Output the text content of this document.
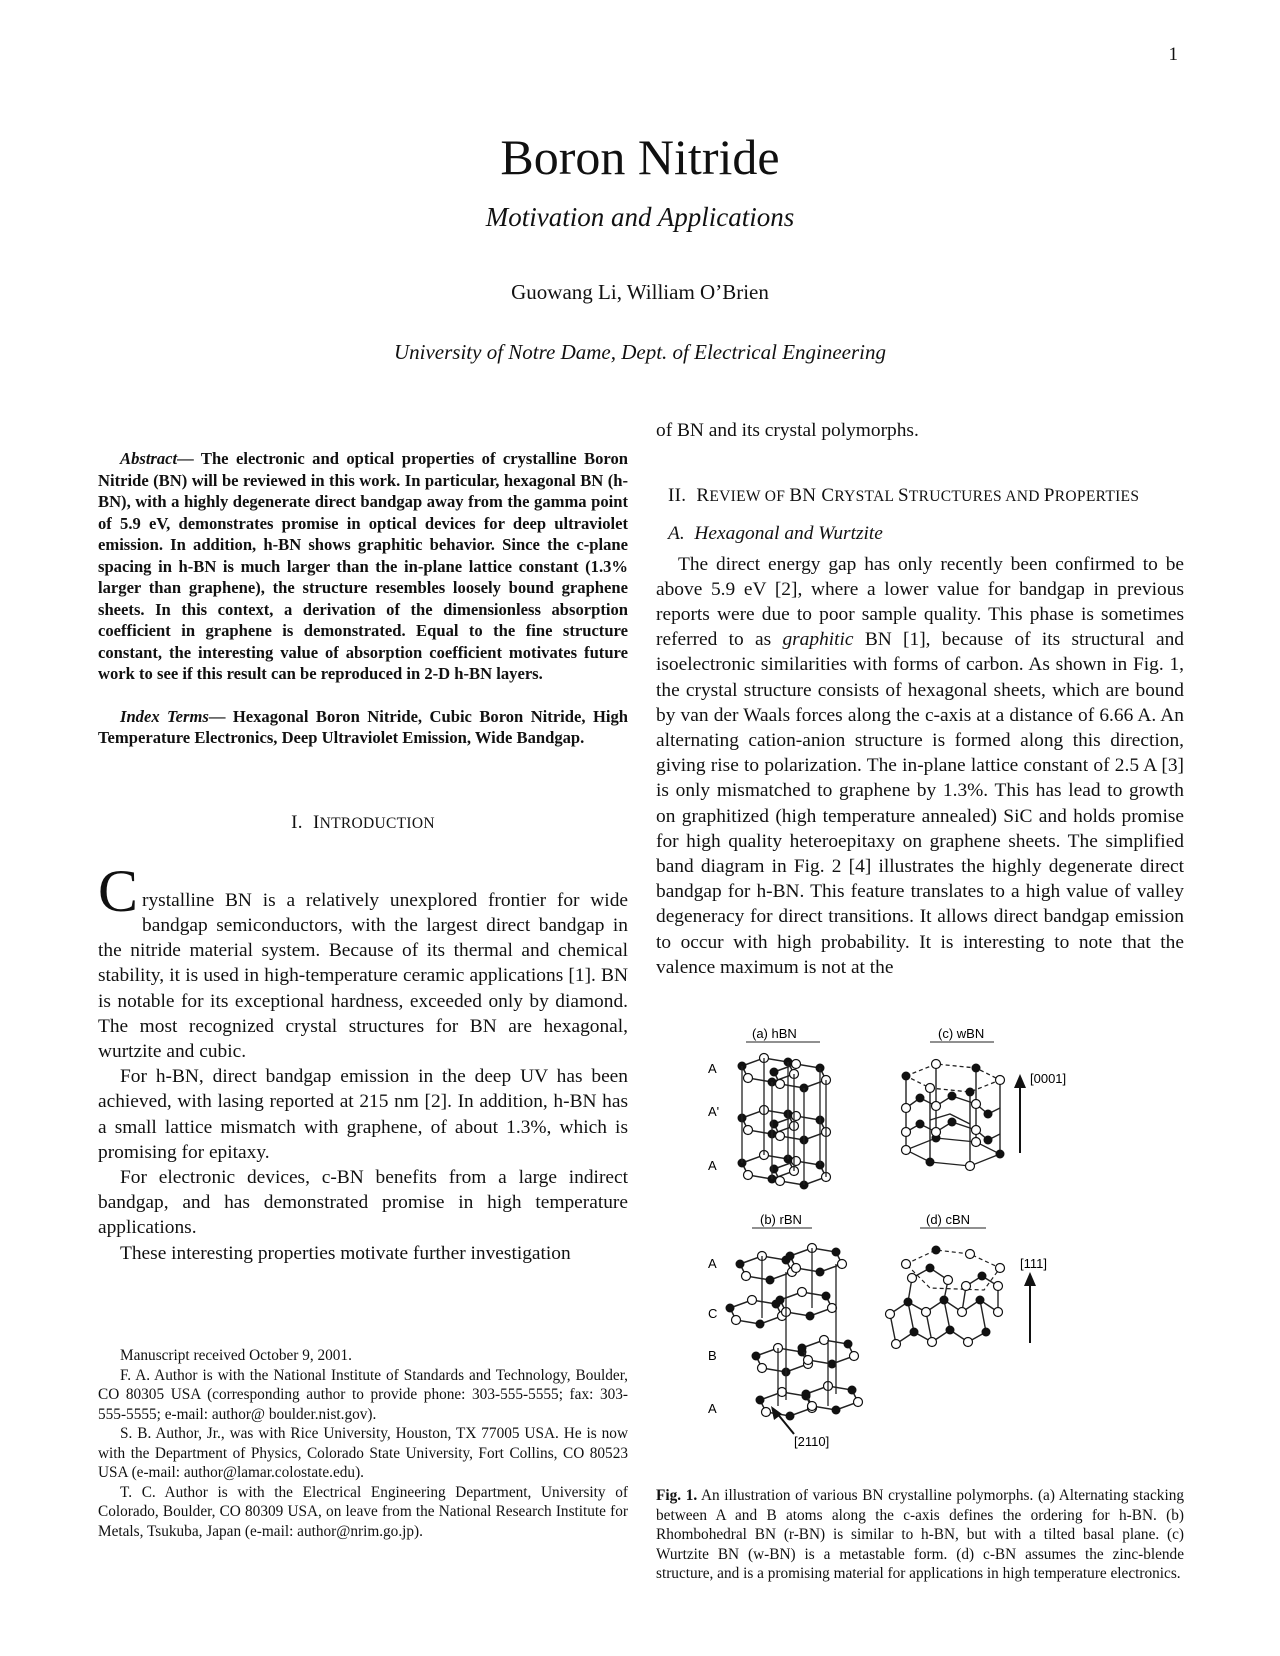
1
Boron Nitride
Motivation and Applications
Guowang Li, William O’Brien
University of Notre Dame, Dept. of Electrical Engineering

Abstract— The electronic and optical properties of crystalline Boron Nitride (BN) will be reviewed in this work. In particular, hexagonal BN (h-BN), with a highly degenerate direct bandgap away from the gamma point of 5.9 eV, demonstrates promise in optical devices for deep ultraviolet emission. In addition, h-BN shows graphitic behavior. Since the c-plane spacing in h-BN is much larger than the in-plane lattice constant (1.3% larger than graphene), the structure resembles loosely bound graphene sheets. In this context, a derivation of the dimensionless absorption coefficient in graphene is demonstrated. Equal to the fine structure constant, the interesting value of absorption coefficient motivates future work to see if this result can be reproduced in 2-D h-BN layers.

Index Terms— Hexagonal Boron Nitride, Cubic Boron Nitride, High Temperature Electronics, Deep Ultraviolet Emission, Wide Bandgap.

I. INTRODUCTION

Crystalline BN is a relatively unexplored frontier for wide bandgap semiconductors, with the largest direct bandgap in the nitride material system. Because of its thermal and chemical stability, it is used in high-temperature ceramic applications [1]. BN is notable for its exceptional hardness, exceeded only by diamond. The most recognized crystal structures for BN are hexagonal, wurtzite and cubic.

For h-BN, direct bandgap emission in the deep UV has been achieved, with lasing reported at 215 nm [2]. In addition, h-BN has a small lattice mismatch with graphene, of about 1.3%, which is promising for epitaxy.

For electronic devices, c-BN benefits from a large indirect bandgap, and has demonstrated promise in high temperature applications.

These interesting properties motivate further investigation

Manuscript received October 9, 2001.

F. A. Author is with the National Institute of Standards and Technology, Boulder, CO 80305 USA (corresponding author to provide phone: 303-555-5555; fax: 303-555-5555; e-mail: author@ boulder.nist.gov).

S. B. Author, Jr., was with Rice University, Houston, TX 77005 USA. He is now with the Department of Physics, Colorado State University, Fort Collins, CO 80523 USA (e-mail: author@lamar.colostate.edu).

T. C. Author is with the Electrical Engineering Department, University of Colorado, Boulder, CO 80309 USA, on leave from the National Research Institute for Metals, Tsukuba, Japan (e-mail: author@nrim.go.jp).

of BN and its crystal polymorphs.

II. REVIEW OF BN CRYSTAL STRUCTURES AND PROPERTIES

A. Hexagonal and Wurtzite

The direct energy gap has only recently been confirmed to be above 5.9 eV [2], where a lower value for bandgap in previous reports were due to poor sample quality. This phase is sometimes referred to as graphitic BN [1], because of its structural and isoelectronic similarities with forms of carbon. As shown in Fig. 1, the crystal structure consists of hexagonal sheets, which are bound by van der Waals forces along the c-axis at a distance of 6.66 A. An alternating cation-anion structure is formed along this direction, giving rise to polarization. The in-plane lattice constant of 2.5 A [3] is only mismatched to graphene by 1.3%. This has lead to growth on graphitized (high temperature annealed) SiC and holds promise for high quality heteroepitaxy on graphene sheets. The simplified band diagram in Fig. 2 [4] illustrates the highly degenerate direct bandgap for h-BN. This feature translates to a high value of valley degeneracy for direct transitions. It allows direct bandgap emission to occur with high probability. It is interesting to note that the valence maximum is not at the

Fig. 1. An illustration of various BN crystalline polymorphs. (a) Alternating stacking between A and B atoms along the c-axis defines the ordering for h-BN. (b) Rhombohedral BN (r-BN) is similar to h-BN, but with a tilted basal plane. (c) Wurtzite BN (w-BN) is a metastable form. (d) c-BN assumes the zinc-blende structure, and is a promising material for applications in high temperature electronics.
(a) hBN
A
A'
A
(c) wBN
[0001]
(b) rBN
A
C
B
A
[2110]
(d) cBN
[111]
